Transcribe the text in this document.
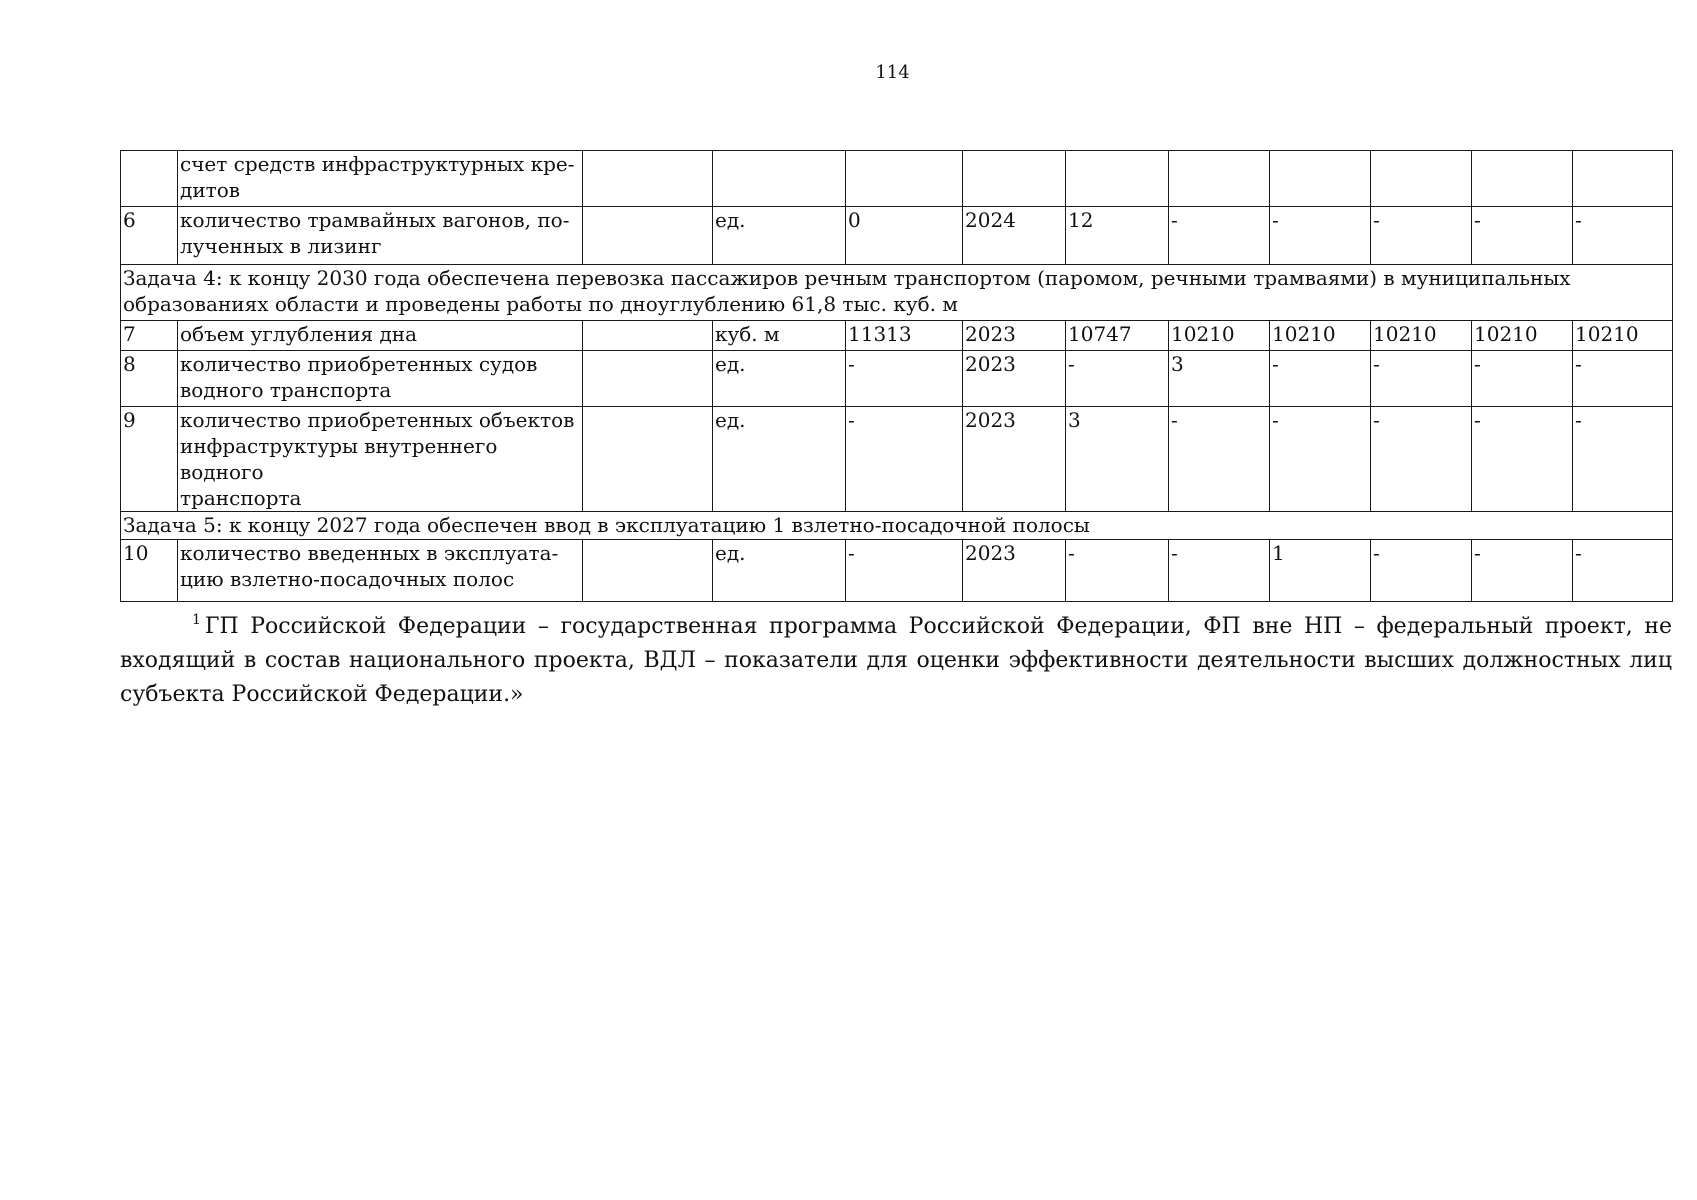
114
	счет средств инфраструктурных кре-
дитов										
6	количество трамвайных вагонов, по-
лученных в лизинг		ед.	0	2024	12	-	-	-	-	-
Задача 4: к концу 2030 года обеспечена перевозка пассажиров речным транспортом (паромом, речными трамваями) в муниципальных образованиях области и проведены работы по дноуглублению 61,8 тыс. куб. м											
7	объем углубления дна		куб. м	11313	2023	10747	10210	10210	10210	10210	10210
8	количество приобретенных судов
водного транспорта		ед.	-	2023	-	3	-	-	-	-
9	количество приобретенных объектов
инфраструктуры внутреннего водного
транспорта		ед.	-	2023	3	-	-	-	-	-
Задача 5: к концу 2027 года обеспечен ввод в эксплуатацию 1 взлетно-посадочной полосы											
10	количество введенных в эксплуата-
цию взлетно-посадочных полос		ед.	-	2023	-	-	1	-	-	-
$^1$ ГП Российской Федерации – государственная программа Российской Федерации, ФП вне НП – федеральный проект, не входящий в состав национального проекта, ВДЛ – показатели для оценки эффективности деятельности высших должностных лиц субъекта Российской Федерации.»
